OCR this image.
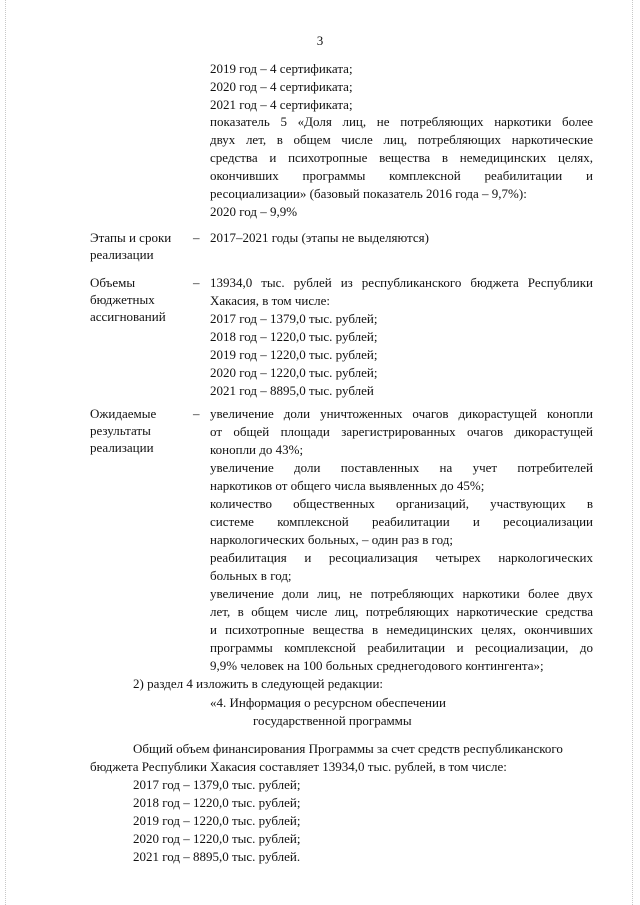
3
2019 год – 4 сертификата;
2020 год – 4 сертификата;
2021 год – 4 сертификата;
показатель 5 «Доля лиц, не потребляющих наркотики более
двух лет, в общем числе лиц, потребляющих наркотические
средства и психотропные вещества в немедицинских целях,
окончивших программы комплексной реабилитации и
ресоциализации» (базовый показатель 2016 года – 9,7%):
2020 год – 9,9%
Этапы и сроки
реализации
– 2017–2021 годы (этапы не выделяются)
Объемы
бюджетных
ассигнований
– 13934,0 тыс. рублей из республиканского бюджета Республики
Хакасия, в том числе:
2017 год – 1379,0 тыс. рублей;
2018 год – 1220,0 тыс. рублей;
2019 год – 1220,0 тыс. рублей;
2020 год – 1220,0 тыс. рублей;
2021 год – 8895,0 тыс. рублей
Ожидаемые
результаты
реализации
– увеличение доли уничтоженных очагов дикорастущей конопли
от общей площади зарегистрированных очагов дикорастущей
конопли до 43%;
увеличение доли поставленных на учет потребителей
наркотиков от общего числа выявленных до 45%;
количество общественных организаций, участвующих в
системе комплексной реабилитации и ресоциализации
наркологических больных, – один раз в год;
реабилитация и ресоциализация четырех наркологических
больных в год;
увеличение доли лиц, не потребляющих наркотики более двух
лет, в общем числе лиц, потребляющих наркотические средства
и психотропные вещества в немедицинских целях, окончивших
программы комплексной реабилитации и ресоциализации, до
9,9% человек на 100 больных среднегодового контингента»;
2) раздел 4 изложить в следующей редакции:
«4. Информация о ресурсном обеспечении
государственной программы
Общий объем финансирования Программы за счет средств республиканского
бюджета Республики Хакасия составляет 13934,0 тыс. рублей, в том числе:
2017 год – 1379,0 тыс. рублей;
2018 год – 1220,0 тыс. рублей;
2019 год – 1220,0 тыс. рублей;
2020 год – 1220,0 тыс. рублей;
2021 год – 8895,0 тыс. рублей.
